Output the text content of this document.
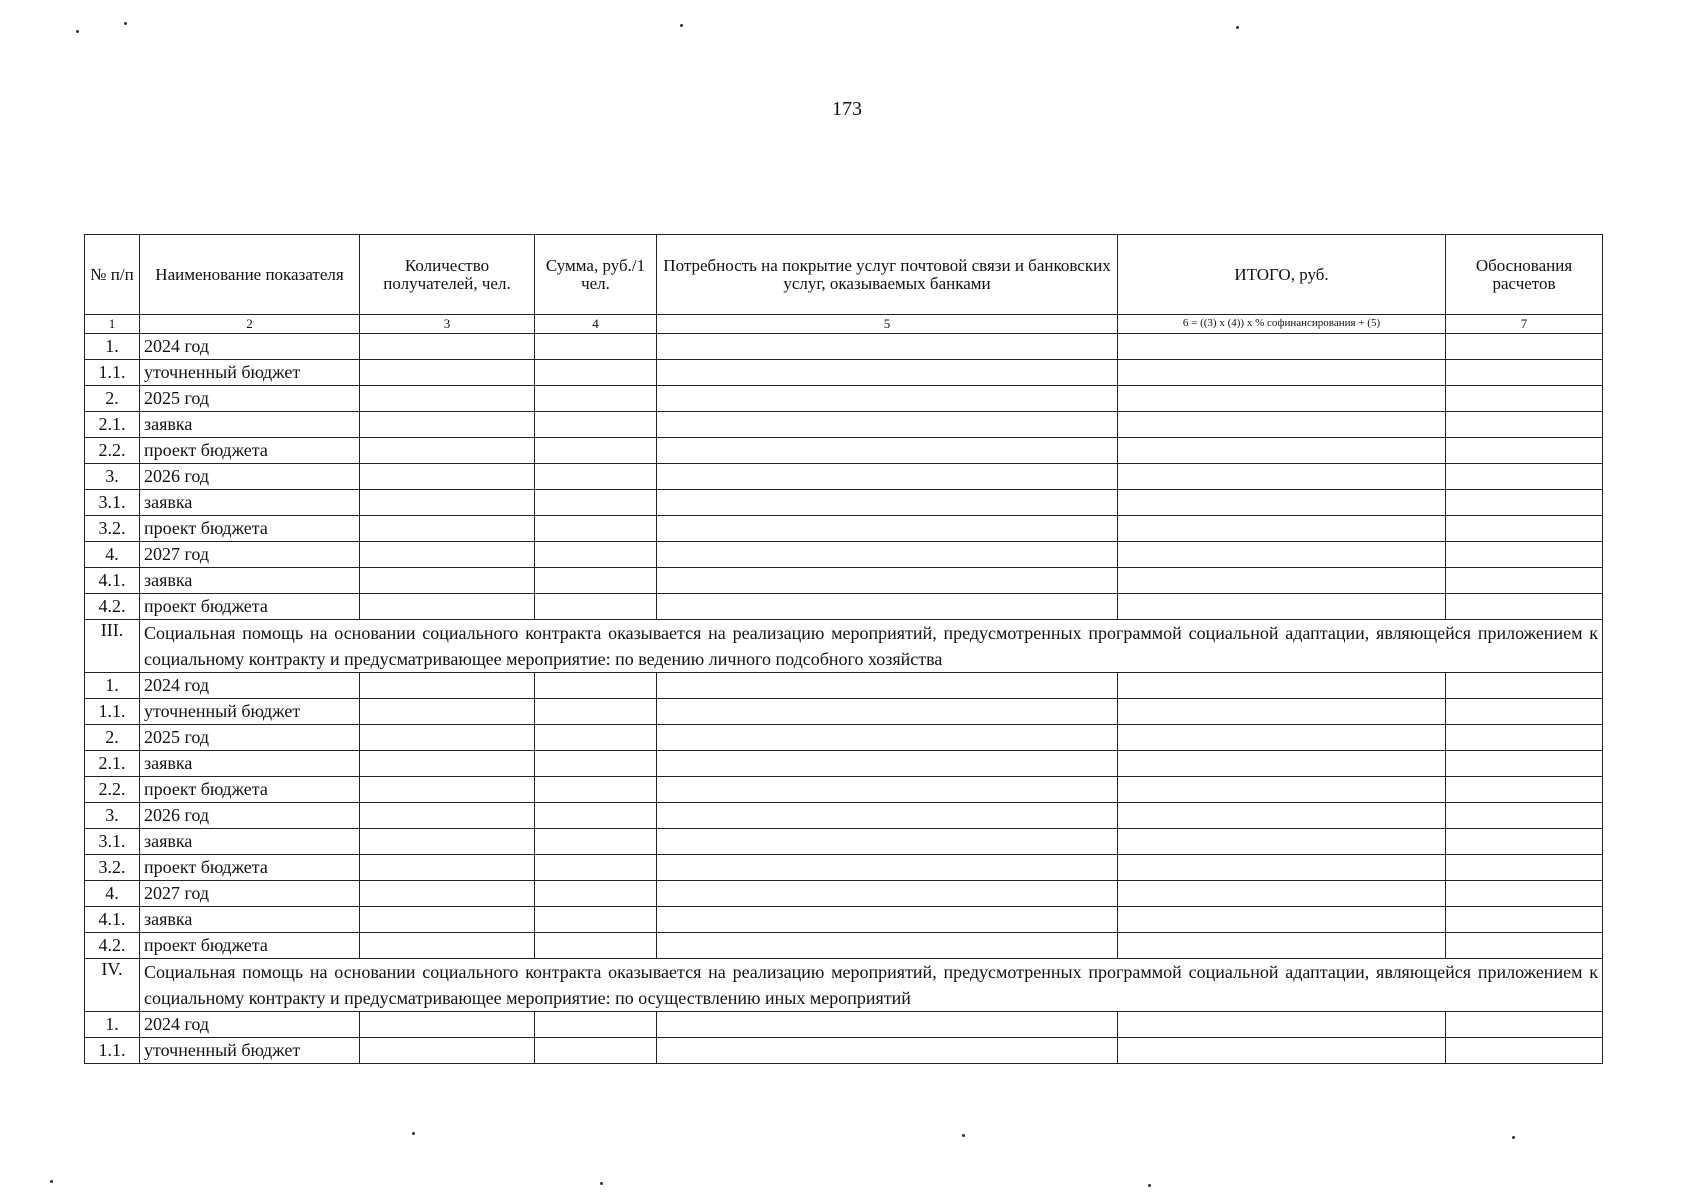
173
№ п/п	Наименование показателя	Количество получателей, чел.	Сумма, руб./1 чел.	Потребность на покрытие услуг почтовой связи и банковских услуг, оказываемых банками	ИТОГО, руб.	Обоснования расчетов
1	2	3	4	5	6 = ((3) х (4)) х % софинансирования + (5)	7
1.	2024 год					
1.1.	уточненный бюджет					
2.	2025 год					
2.1.	заявка					
2.2.	проект бюджета					
3.	2026 год					
3.1.	заявка					
3.2.	проект бюджета					
4.	2027 год					
4.1.	заявка					
4.2.	проект бюджета					
III.	Социальная помощь на основании социального контракта оказывается на реализацию мероприятий, предусмотренных программой социальной адаптации, являющейся приложением к социальному контракту и предусматривающее мероприятие: по ведению личного подсобного хозяйства					
1.	2024 год					
1.1.	уточненный бюджет					
2.	2025 год					
2.1.	заявка					
2.2.	проект бюджета					
3.	2026 год					
3.1.	заявка					
3.2.	проект бюджета					
4.	2027 год					
4.1.	заявка					
4.2.	проект бюджета					
IV.	Социальная помощь на основании социального контракта оказывается на реализацию мероприятий, предусмотренных программой социальной адаптации, являющейся приложением к социальному контракту и предусматривающее мероприятие: по осуществлению иных мероприятий					
1.	2024 год					
1.1.	уточненный бюджет					
